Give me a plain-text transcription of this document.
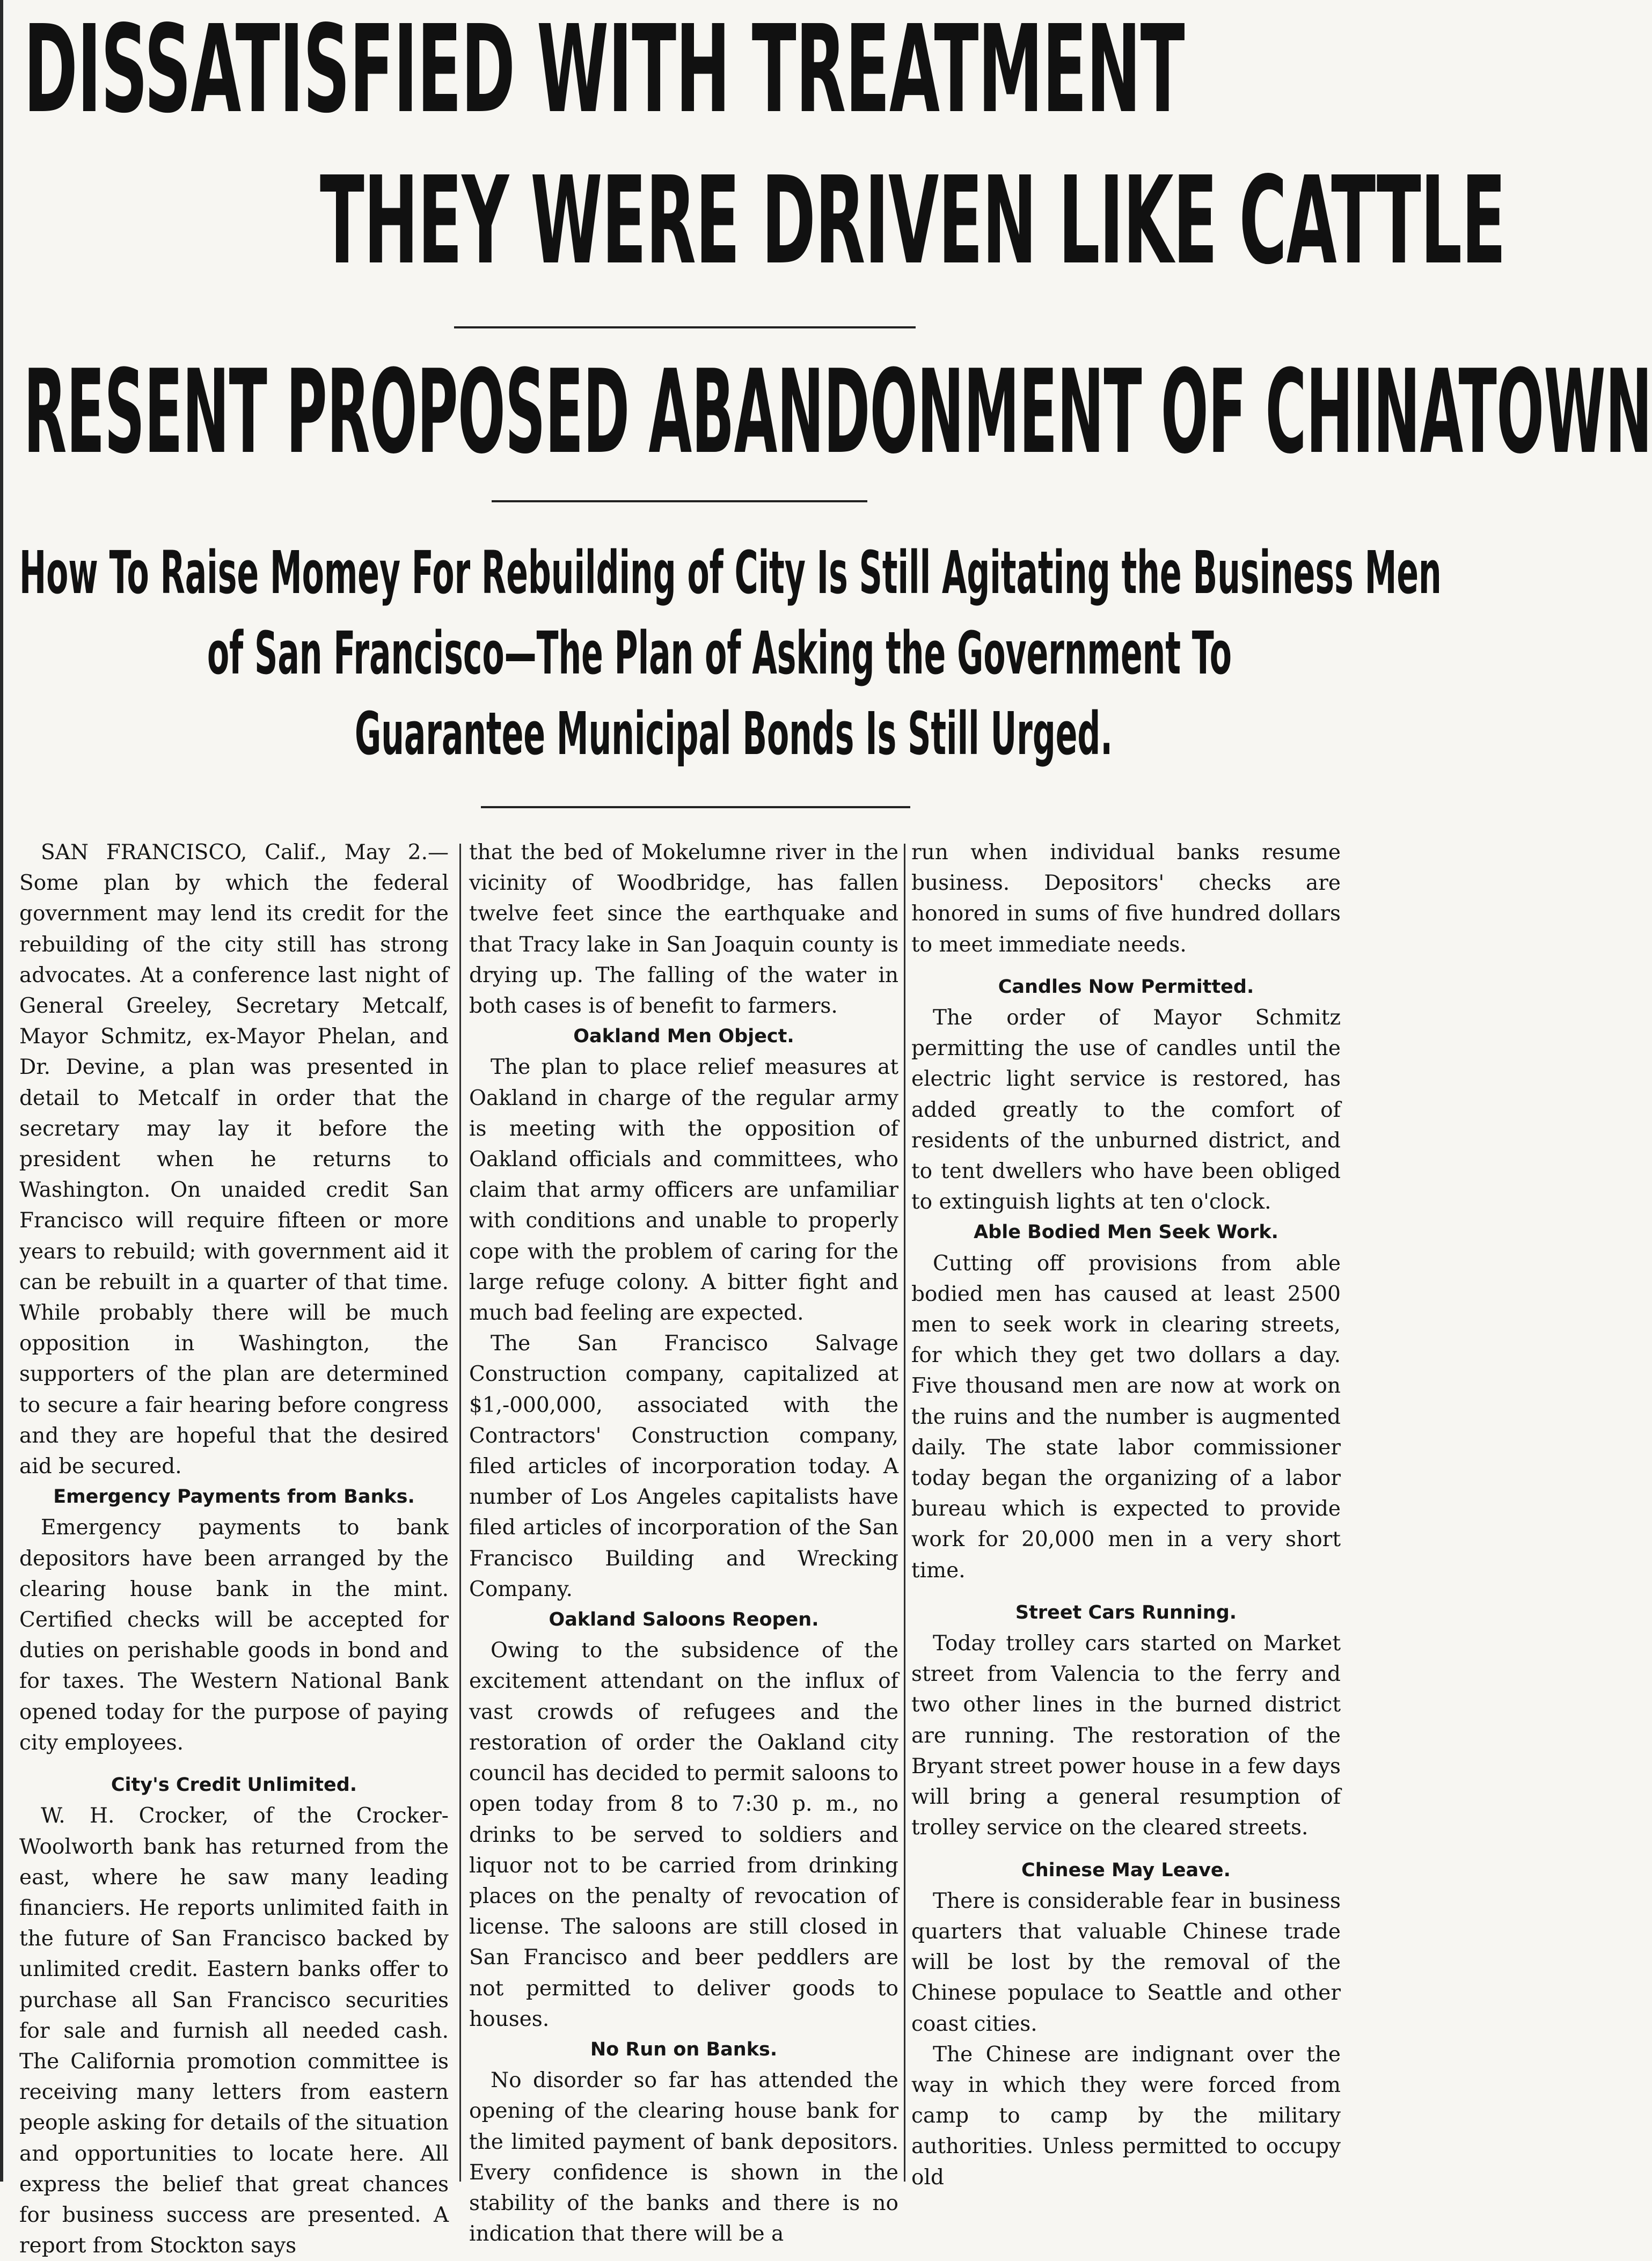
DISSATISFIED WITH TREATMENT
THEY WERE DRIVEN LIKE CATTLE
RESENT PROPOSED ABANDONMENT OF CHINATOWN
How To Raise Momey For Rebuilding of City Is Still Agitating the Business Men
of San Francisco—The Plan of Asking the Government To
Guarantee Municipal Bonds Is Still Urged.

SAN FRANCISCO, Calif., May 2.—Some plan by which the federal government may lend its credit for the rebuilding of the city still has strong advocates. At a conference last night of General Greeley, Secretary Metcalf, Mayor Schmitz, ex-Mayor Phelan, and Dr. Devine, a plan was presented in detail to Metcalf in order that the secretary may lay it before the president when he returns to Washington. On unaided credit San Francisco will require fifteen or more years to rebuild; with government aid it can be rebuilt in a quarter of that time. While probably there will be much opposition in Washington, the supporters of the plan are determined to secure a fair hearing before congress and they are hopeful that the desired aid be secured.

Emergency Payments from Banks.

Emergency payments to bank depositors have been arranged by the clearing house bank in the mint. Certified checks will be accepted for duties on perishable goods in bond and for taxes. The Western National Bank opened today for the purpose of paying city employees.

City's Credit Unlimited.

W. H. Crocker, of the Crocker-Woolworth bank has returned from the east, where he saw many leading financiers. He reports unlimited faith in the future of San Francisco backed by unlimited credit. Eastern banks offer to purchase all San Francisco securities for sale and furnish all needed cash. The California promotion committee is receiving many letters from eastern people asking for details of the situation and opportunities to locate here. All express the belief that great chances for business success are presented. A report from Stockton says

that the bed of Mokelumne river in the vicinity of Woodbridge, has fallen twelve feet since the earthquake and that Tracy lake in San Joaquin county is drying up. The falling of the water in both cases is of benefit to farmers.

Oakland Men Object.

The plan to place relief measures at Oakland in charge of the regular army is meeting with the opposition of Oakland officials and committees, who claim that army officers are unfamiliar with conditions and unable to properly cope with the problem of caring for the large refuge colony. A bitter fight and much bad feeling are expected.

The San Francisco Salvage Construction company, capitalized at $1,-000,000, associated with the Contractors' Construction company, filed articles of incorporation today. A number of Los Angeles capitalists have filed articles of incorporation of the San Francisco Building and Wrecking Company.

Oakland Saloons Reopen.

Owing to the subsidence of the excitement attendant on the influx of vast crowds of refugees and the restoration of order the Oakland city council has decided to permit saloons to open today from 8 to 7:30 p. m., no drinks to be served to soldiers and liquor not to be carried from drinking places on the penalty of revocation of license. The saloons are still closed in San Francisco and beer peddlers are not permitted to deliver goods to houses.

No Run on Banks.

No disorder so far has attended the opening of the clearing house bank for the limited payment of bank depositors. Every confidence is shown in the stability of the banks and there is no indication that there will be a

run when individual banks resume business. Depositors' checks are honored in sums of five hundred dollars to meet immediate needs.

Candles Now Permitted.

The order of Mayor Schmitz permitting the use of candles until the electric light service is restored, has added greatly to the comfort of residents of the unburned district, and to tent dwellers who have been obliged to extinguish lights at ten o'clock.

Able Bodied Men Seek Work.

Cutting off provisions from able bodied men has caused at least 2500 men to seek work in clearing streets, for which they get two dollars a day. Five thousand men are now at work on the ruins and the number is augmented daily. The state labor commissioner today began the organizing of a labor bureau which is expected to provide work for 20,000 men in a very short time.

Street Cars Running.

Today trolley cars started on Market street from Valencia to the ferry and two other lines in the burned district are running. The restoration of the Bryant street power house in a few days will bring a general resumption of trolley service on the cleared streets.

Chinese May Leave.

There is considerable fear in business quarters that valuable Chinese trade will be lost by the removal of the Chinese populace to Seattle and other coast cities.

The Chinese are indignant over the way in which they were forced from camp to camp by the military authorities. Unless permitted to occupy old
